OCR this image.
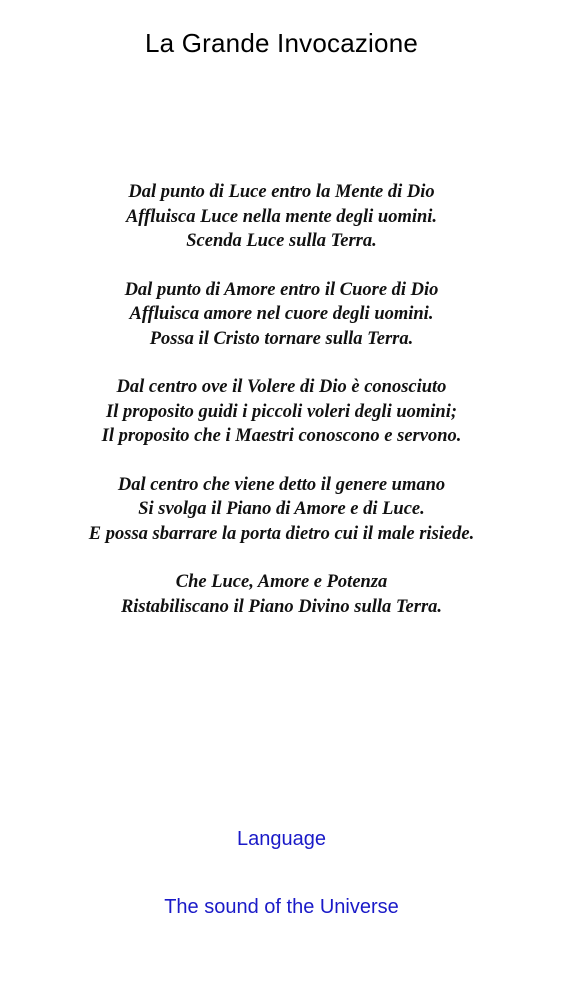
La Grande Invocazione
Dal punto di Luce entro la Mente di Dio
Affluisca Luce nella mente degli uomini.
Scenda Luce sulla Terra.
Dal punto di Amore entro il Cuore di Dio
Affluisca amore nel cuore degli uomini.
Possa il Cristo tornare sulla Terra.
Dal centro ove il Volere di Dio è conosciuto
Il proposito guidi i piccoli voleri degli uomini;
Il proposito che i Maestri conoscono e servono.
Dal centro che viene detto il genere umano
Si svolga il Piano di Amore e di Luce.
E possa sbarrare la porta dietro cui il male risiede.
Che Luce, Amore e Potenza
Ristabiliscano il Piano Divino sulla Terra.
Language
The sound of the Universe
